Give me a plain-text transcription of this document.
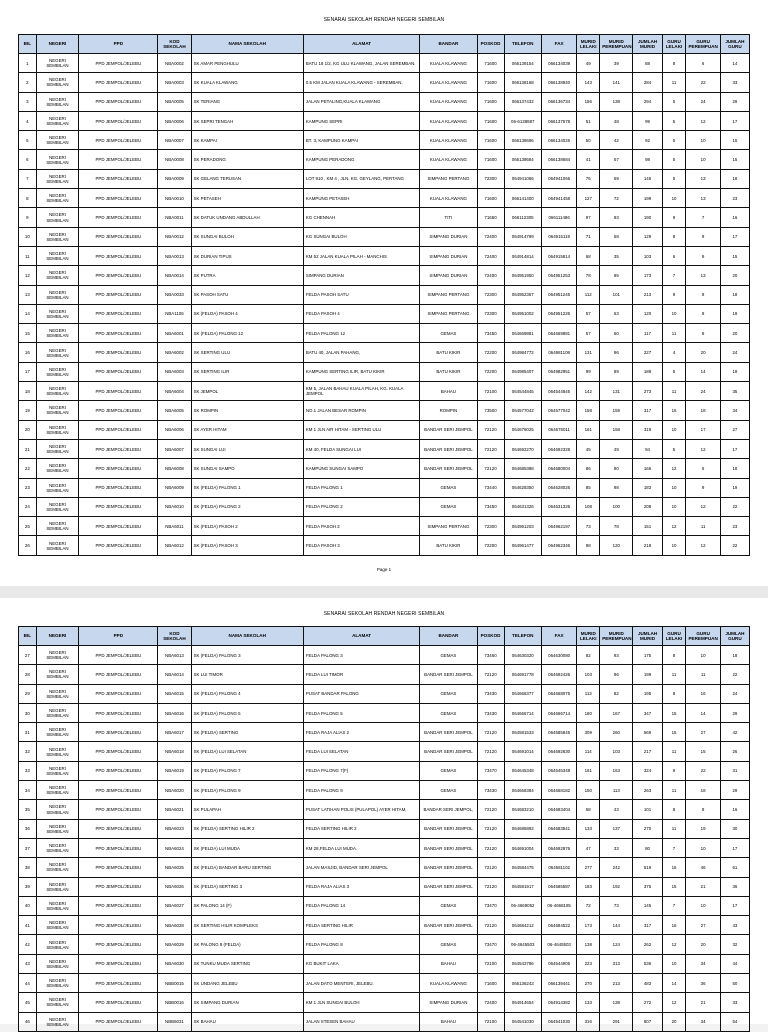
SENARAI SEKOLAH RENDAH NEGERI SEMBILAN
BIL	NEGERI	PPD	KOD SEKOLAH	NAMA SEKOLAH	ALAMAT	BANDAR	POSKOD	TELEFON	FAX	MURID LELAKI	MURID PEREMPUAN	JUMLAH MURID	GURU LELAKI	GURU PEREMPUAN	JUMLAH GURU
1	NEGERI SEMBILAN	PPD JEMPOL/JELEBU	NBA0002	SK AMAR PENGHULU	BATU 18 1/2, KG ULU KLAWANG, JALAN SEREMBAN.	KUALA KLAWANG	71600	066139154	066134039	49	39	88	8	6	14
2	NEGERI SEMBILAN	PPD JEMPOL/JELEBU	NBA0003	SK KUALA KLAWANG	0.5 KM JALAN KUALA KLAWANG - SEREMBAN.	KUALA KLAWANG	71600	066138168	066138940	143	141	284	11	22	33
3	NEGERI SEMBILAN	PPD JEMPOL/JELEBU	NBA0005	SK TERIANG	JALAN PETALING,KUALA KLAWANG	KUALA KLAWANG	71600	066137432	066136734	156	138	294	5	24	29
4	NEGERI SEMBILAN	PPD JEMPOL/JELEBU	NBA0006	SK SEPRI TENGAH	KAMPUNG SEPRI	KUALA KLAWANG	71600	06-6138887	066137578	51	48	99	5	12	17
5	NEGERI SEMBILAN	PPD JEMPOL/JELEBU	NBA0007	SK KAMPAI	BT. 3, KAMPUNG KAMPAI	KUALA KLAWANG	71600	066138696	066134026	50	42	92	5	10	15
6	NEGERI SEMBILAN	PPD JEMPOL/JELEBU	NBA0008	SK PERADONG	KAMPUNG PERADONG	KUALA KLAWANG	71600	066138684	066138684	41	57	98	5	10	15
7	NEGERI SEMBILAN	PPD JEMPOL/JELEBU	NBA0009	SK GELANG TERUSAN	LOT 910 , KM 4 , JLN. KG. GEYLANG, PERTANG	SIMPANG PERTANG	72300	064941066	064941066	76	69	145	5	13	18
8	NEGERI SEMBILAN	PPD JEMPOL/JELEBU	NBA0010	SK PETASEH	KAMPUNG PETASEH	KUALA KLAWANG	71600	066141400	064941458	127	72	199	10	13	23
9	NEGERI SEMBILAN	PPD JEMPOL/JELEBU	NBA0011	SK DATUK UNDANG ABDULLAH	KG CHENNAH	TITI	71650	066112305	066111486	97	93	190	9	7	16
10	NEGERI SEMBILAN	PPD JEMPOL/JELEBU	NBA0012	SK SUNGAI BULOH	KG SUNGAI BULOH	SIMPANG DURIAN	72400	064914799	064915119	71	58	129	8	9	17
11	NEGERI SEMBILAN	PPD JEMPOL/JELEBU	NBA0013	SK DURIAN TIPUS	KM 52 JALAN KUALA PILAH - MANCHIS	SIMPANG DURIAN	72400	064914814	064915814	68	35	103	6	9	15
12	NEGERI SEMBILAN	PPD JEMPOL/JELEBU	NBA0014	SK PUTRA	SIMPANG DURIAN	SIMPANG DURIAN	72400	064951950	064951253	78	95	173	7	13	20
13	NEGERI SEMBILAN	PPD JEMPOL/JELEBU	NBA0033	SK PASOH SATU	FELDA PASOH SATU	SIMPANG PERTANG	72300	064952367	064951245	112	101	213	9	9	18
14	NEGERI SEMBILAN	PPD JEMPOL/JELEBU	NBA1106	SK (FELDA) PASOH 4	FELDA PASOH 4	SIMPANG PERTANG	72300	064951002	064951226	57	63	120	10	9	19
15	NEGERI SEMBILAN	PPD JEMPOL/JELEBU	NBA6001	SK (FELDA) PALONG 12	FELDA PALONG 12	GEMAS	73450	064669881	064669881	57	60	117	11	9	20
16	NEGERI SEMBILAN	PPD JEMPOL/JELEBU	NBA6002	SK SERTING ULU	BATU 40, JALAN PAHANG,	BATU KIKIR	72200	064984772	064981108	131	96	227	4	20	24
17	NEGERI SEMBILAN	PPD JEMPOL/JELEBU	NBA6003	SK SERTING ILIR	KAMPUNG SERTING ILIR, BATU KIKIR	BATU KIKIR	72200	064985407	064982951	99	89	188	5	14	19
18	NEGERI SEMBILAN	PPD JEMPOL/JELEBU	NBA6004	SK JEMPOL	KM 5, JALAN BAHAU KUALA PILAH, KG. KUALA JEMPOL	BAHAU	72100	064544845	064544845	142	131	273	11	24	35
19	NEGERI SEMBILAN	PPD JEMPOL/JELEBU	NBA6005	SK ROMPIN	NO.1 JALAN BESAR ROMPIN	ROMPIN	73500	064577042	064577042	158	159	317	16	18	34
20	NEGERI SEMBILAN	PPD JEMPOL/JELEBU	NBA6006	SK AYER HITAM	KM 1 JLN AIR HITAM - SERTING ULU	BANDAR SERI JEMPOL	72120	064676025	064676011	161	158	319	10	17	27
21	NEGERI SEMBILAN	PPD JEMPOL/JELEBU	NBA6007	SK SUNGAI LUI	KM 40, FELDA SUNGAI LUI	BANDAR SERI JEMPOL	72120	064692270	064692328	45	49	94	5	12	17
22	NEGERI SEMBILAN	PPD JEMPOL/JELEBU	NBA6008	SK SUNGAI SAMPO	KAMPUNG SUNGAI SAMPO	BANDAR SERI JEMPOL	72120	064685388	064680004	86	80	166	12	6	18
23	NEGERI SEMBILAN	PPD JEMPOL/JELEBU	NBA6009	SK (FELDA) PALONG 1	FELDA PALONG 1	GEMAS	73440	064628350	064628026	85	98	183	10	9	19
24	NEGERI SEMBILAN	PPD JEMPOL/JELEBU	NBA6010	SK (FELDA) PALONG 2	FELDA PALONG 2	GEMAS	73450	064631326	064631326	108	100	208	10	12	22
25	NEGERI SEMBILAN	PPD JEMPOL/JELEBU	NBA6011	SK (FELDA) PASOH 2	FELDA PASOH 2	SIMPANG PERTANG	72300	064961203	064962197	73	78	151	12	11	23
26	NEGERI SEMBILAN	PPD JEMPOL/JELEBU	NBA6012	SK (FELDA) PASOH 3	FELDA PASOH 3	BATU KIKIR	72200	064961477	064962346	98	120	218	10	12	22
Page 1
SENARAI SEKOLAH RENDAH NEGERI SEMBILAN
BIL	NEGERI	PPD	KOD SEKOLAH	NAMA SEKOLAH	ALAMAT	BANDAR	POSKOD	TELEFON	FAX	MURID LELAKI	MURID PEREMPUAN	JUMLAH MURID	GURU LELAKI	GURU PEREMPUAN	JUMLAH GURU
27	NEGERI SEMBILAN	PPD JEMPOL/JELEBU	NBA6013	SK (FELDA) PALONG 3	FELDA PALONG 3	GEMAS	73460	064630320	064630080	82	93	175	8	10	18
28	NEGERI SEMBILAN	PPD JEMPOL/JELEBU	NBA6014	SK LUI TIMOR	FELDA LUI TIMOR	BANDAR SERI JEMPOL	72120	064691778	064692426	103	96	199	11	11	22
29	NEGERI SEMBILAN	PPD JEMPOL/JELEBU	NBA6015	SK (FELDA) PALONG 4	PUSAT BANDAR PALONG	GEMAS	73430	064666377	064668075	113	82	195	8	16	24
30	NEGERI SEMBILAN	PPD JEMPOL/JELEBU	NBA6016	SK (FELDA) PALONG 5	FELDA PALONG 5	GEMAS	73430	064666714	064666714	180	167	347	15	14	29
31	NEGERI SEMBILAN	PPD JEMPOL/JELEBU	NBA6017	SK (FELDA) SERTING	FELDA RAJA ALIAS 2	BANDAR SERI JEMPOL	72120	064581533	064585845	309	260	569	15	27	42
32	NEGERI SEMBILAN	PPD JEMPOL/JELEBU	NBA6018	SK (FELDA) LUI SELATAN	FELDA LUI SELATAN	BANDAR SERI JEMPOL	72120	064691014	064692830	114	103	217	11	15	26
33	NEGERI SEMBILAN	PPD JEMPOL/JELEBU	NBA6019	SK (FELDA) PALONG 7	FELDA PALONG 7(F)	GEMAS	73470	064645348	064645348	161	163	324	9	22	31
34	NEGERI SEMBILAN	PPD JEMPOL/JELEBU	NBA6020	SK (FELDA) PALONG 9	FELDA PALONG 9	GEMAS	73430	064668384	064668182	150	113	263	11	18	29
35	NEGERI SEMBILAN	PPD JEMPOL/JELEBU	NBA6021	SK PULAPAH	PUSAT LATIHAN POLIS (PULAPOL) AYER HITAM,	BANDAR SERI JEMPOL,	72120	064683210	064683404	58	43	101	8	8	16
36	NEGERI SEMBILAN	PPD JEMPOL/JELEBU	NBA6023	SK (FELDA) SERTING HILIR 2	FELDA SERTING HILIR 2	BANDAR SERI JEMPOL	72120	064685892	064683541	133	137	270	11	19	30
37	NEGERI SEMBILAN	PPD JEMPOL/JELEBU	NBA6024	SK (FELDA) LUI MUDA	KM 28,FELDA LUI MUDA.	BANDAR SERI JEMPOL	72120	064691004	064692876	47	33	80	7	10	17
38	NEGERI SEMBILAN	PPD JEMPOL/JELEBU	NBA6025	SK (FELDA) BANDAR BARU SERTING	JALAN MASJID, BANDAR SERI JEMPOL	BANDAR SERI JEMPOL	72120	064584475	064581102	277	242	519	15	46	61
39	NEGERI SEMBILAN	PPD JEMPOL/JELEBU	NBA6026	SK (FELDA) SERTING 3	FELDA RAJA ALIAS 3	BANDAR SERI JEMPOL	72120	064581917	064585587	183	192	375	15	21	36
40	NEGERI SEMBILAN	PPD JEMPOL/JELEBU	NBA6027	SK PALONG 14 (F)	FELDA PALONG 14	GEMAS	73470	06-4669052	06-4668185	72	73	145	7	10	17
41	NEGERI SEMBILAN	PPD JEMPOL/JELEBU	NBA6028	SK SERTING HILIR KOMPLEKS	FELDA SERTING HILIR	BANDAR SERI JEMPOL	72120	064684212	064684522	173	144	317	16	27	43
42	NEGERI SEMBILAN	PPD JEMPOL/JELEBU	NBA6029	SK PALONG 8 (FELDA)	FELDA PALONG 8	GEMAS	73470	06-4645503	06-4645503	138	124	262	12	20	32
43	NEGERI SEMBILAN	PPD JEMPOL/JELEBU	NBA6030	SK TUNKU MUDA SERTING	KG BUKIT LAKA	BAHAU	72100	064543786	064544905	223	313	536	10	34	44
44	NEGERI SEMBILAN	PPD JEMPOL/JELEBU	NBB0015	SK UNDANG JELEBU	JALAN DATO MENTERI, JELEBU.	KUALA KLAWANG	71600	066136243	066139441	270	213	483	14	36	50
45	NEGERI SEMBILAN	PPD JEMPOL/JELEBU	NBB0016	SK SIMPANG DURIAN	KM 1 JLN SUNGAI BULOH	SIMPANG DURIAN	72400	064914654	064914382	133	139	272	12	21	33
46	NEGERI SEMBILAN	PPD JEMPOL/JELEBU	NBB6031	SK BAHAU	JALAN STESEN BAHAU	BAHAU	72100	064541030	064541030	316	291	607	20	34	54
